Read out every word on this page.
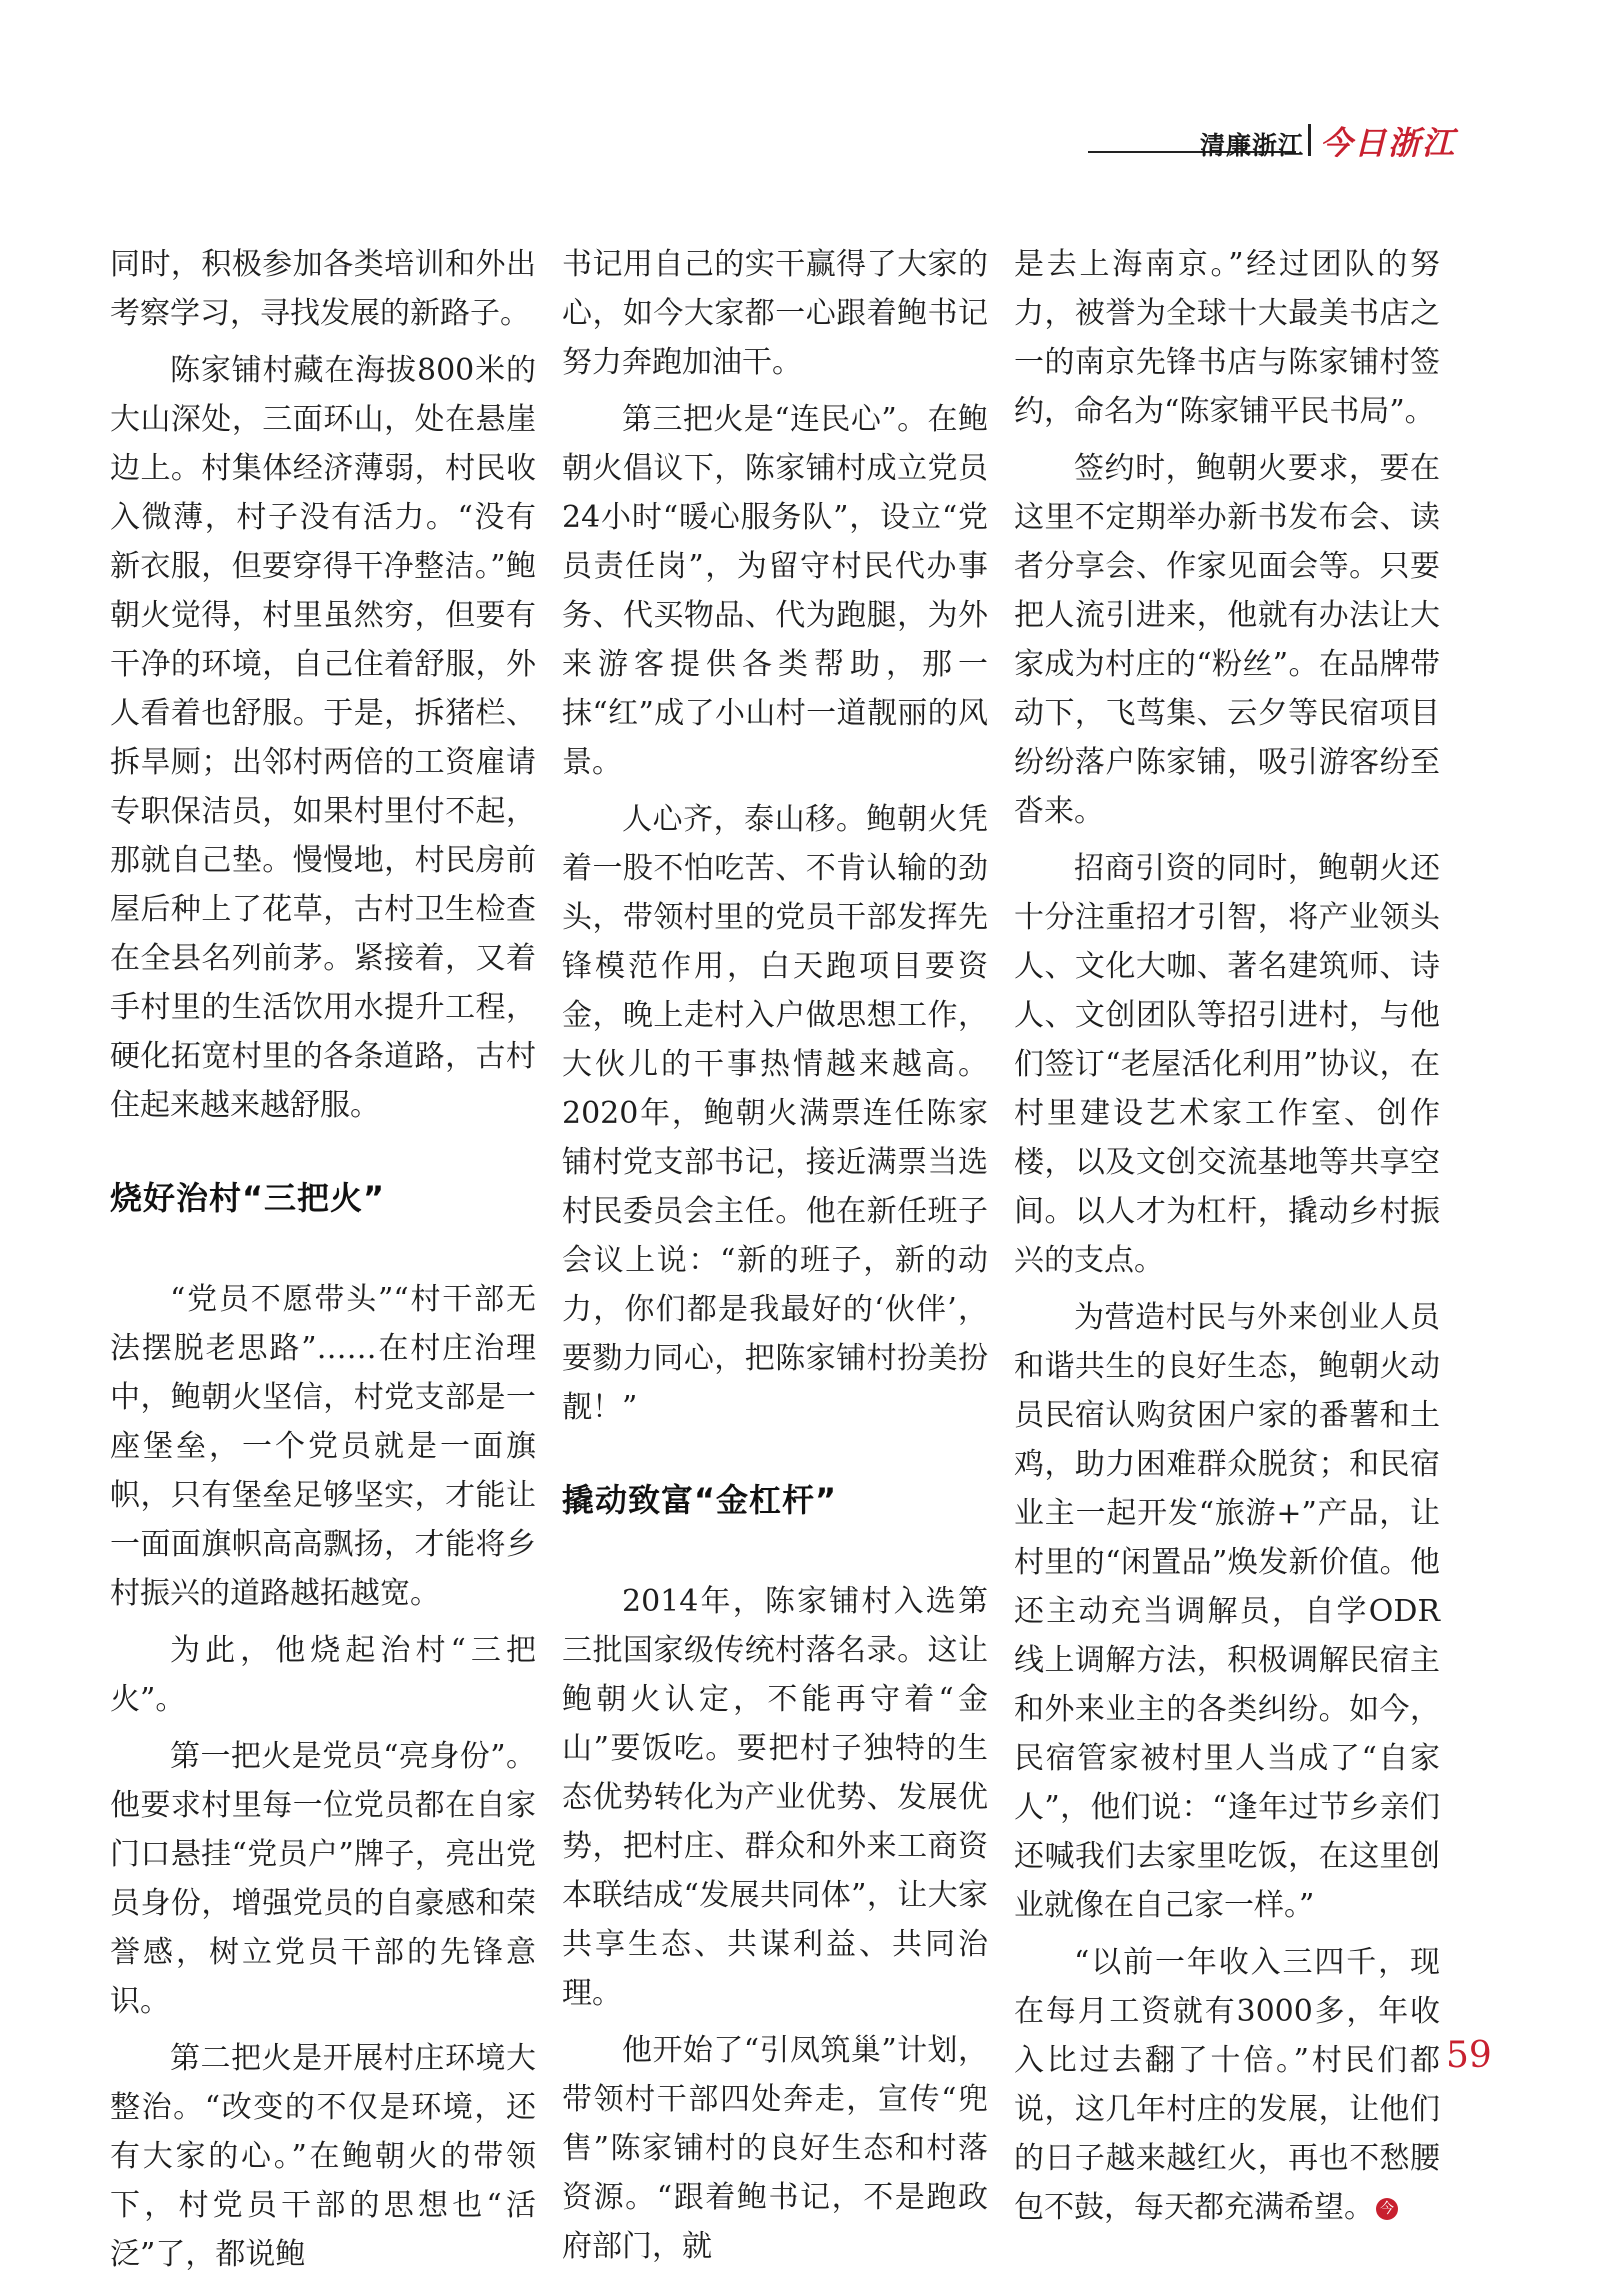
清廉浙江 今日浙江

同时，积极参加各类培训和外出考察学习，寻找发展的新路子。

陈家铺村藏在海拔800米的大山深处，三面环山，处在悬崖边上。村集体经济薄弱，村民收入微薄，村子没有活力。“没有新衣服，但要穿得干净整洁。”鲍朝火觉得，村里虽然穷，但要有干净的环境，自己住着舒服，外人看着也舒服。于是，拆猪栏、拆旱厕；出邻村两倍的工资雇请专职保洁员，如果村里付不起，那就自己垫。慢慢地，村民房前屋后种上了花草，古村卫生检查在全县名列前茅。紧接着，又着手村里的生活饮用水提升工程，硬化拓宽村里的各条道路，古村住起来越来越舒服。

烧好治村“三把火”

“党员不愿带头”“村干部无法摆脱老思路”……在村庄治理中，鲍朝火坚信，村党支部是一座堡垒，一个党员就是一面旗帜，只有堡垒足够坚实，才能让一面面旗帜高高飘扬，才能将乡村振兴的道路越拓越宽。

为此，他烧起治村“三把火”。

第一把火是党员“亮身份”。他要求村里每一位党员都在自家门口悬挂“党员户”牌子，亮出党员身份，增强党员的自豪感和荣誉感，树立党员干部的先锋意识。

第二把火是开展村庄环境大整治。“改变的不仅是环境，还有大家的心。”在鲍朝火的带领下，村党员干部的思想也“活泛”了，都说鲍

书记用自己的实干赢得了大家的心，如今大家都一心跟着鲍书记努力奔跑加油干。

第三把火是“连民心”。在鲍朝火倡议下，陈家铺村成立党员24小时“暖心服务队”，设立“党员责任岗”，为留守村民代办事务、代买物品、代为跑腿，为外来游客提供各类帮助，那一抹“红”成了小山村一道靓丽的风景。

人心齐，泰山移。鲍朝火凭着一股不怕吃苦、不肯认输的劲头，带领村里的党员干部发挥先锋模范作用，白天跑项目要资金，晚上走村入户做思想工作，大伙儿的干事热情越来越高。2020年，鲍朝火满票连任陈家铺村党支部书记，接近满票当选村民委员会主任。他在新任班子会议上说：“新的班子，新的动力，你们都是我最好的‘伙伴’，要勠力同心，把陈家铺村扮美扮靓！”

撬动致富“金杠杆”

2014年，陈家铺村入选第三批国家级传统村落名录。这让鲍朝火认定，不能再守着“金山”要饭吃。要把村子独特的生态优势转化为产业优势、发展优势，把村庄、群众和外来工商资本联结成“发展共同体”，让大家共享生态、共谋利益、共同治理。

他开始了“引凤筑巢”计划，带领村干部四处奔走，宣传“兜售”陈家铺村的良好生态和村落资源。“跟着鲍书记，不是跑政府部门，就

是去上海南京。”经过团队的努力，被誉为全球十大最美书店之一的南京先锋书店与陈家铺村签约，命名为“陈家铺平民书局”。

签约时，鲍朝火要求，要在这里不定期举办新书发布会、读者分享会、作家见面会等。只要把人流引进来，他就有办法让大家成为村庄的“粉丝”。在品牌带动下，飞茑集、云夕等民宿项目纷纷落户陈家铺，吸引游客纷至沓来。

招商引资的同时，鲍朝火还十分注重招才引智，将产业领头人、文化大咖、著名建筑师、诗人、文创团队等招引进村，与他们签订“老屋活化利用”协议，在村里建设艺术家工作室、创作楼，以及文创交流基地等共享空间。以人才为杠杆，撬动乡村振兴的支点。

为营造村民与外来创业人员和谐共生的良好生态，鲍朝火动员民宿认购贫困户家的番薯和土鸡，助力困难群众脱贫；和民宿业主一起开发“旅游+”产品，让村里的“闲置品”焕发新价值。他还主动充当调解员，自学ODR线上调解方法，积极调解民宿主和外来业主的各类纠纷。如今，民宿管家被村里人当成了“自家人”，他们说：“逢年过节乡亲们还喊我们去家里吃饭，在这里创业就像在自己家一样。”

“以前一年收入三四千，现在每月工资就有3000多，年收入比过去翻了十倍。”村民们都说，这几年村庄的发展，让他们的日子越来越红火，再也不愁腰包不鼓，每天都充满希望。 今

59
